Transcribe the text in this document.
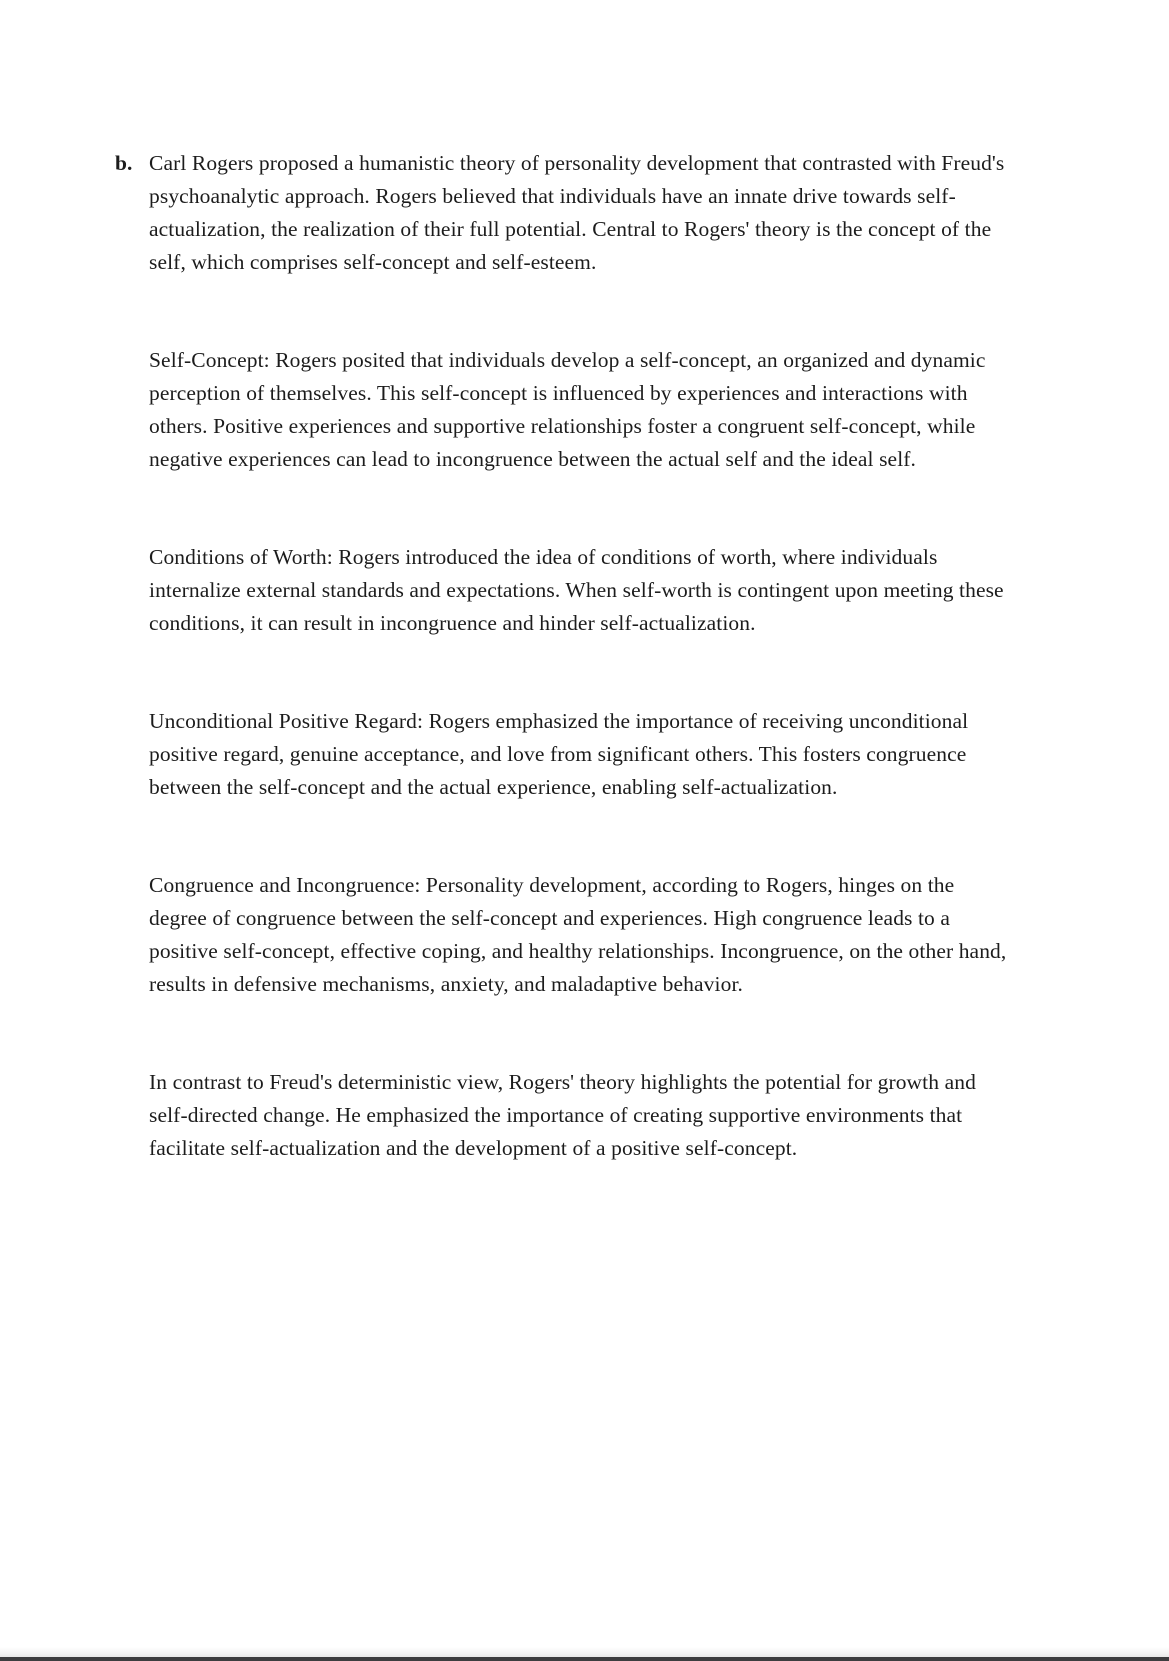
b. Carl Rogers proposed a humanistic theory of personality development that contrasted with Freud's psychoanalytic approach. Rogers believed that individuals have an innate drive towards self-actualization, the realization of their full potential. Central to Rogers' theory is the concept of the self, which comprises self-concept and self-esteem.

Self-Concept: Rogers posited that individuals develop a self-concept, an organized and dynamic perception of themselves. This self-concept is influenced by experiences and interactions with others. Positive experiences and supportive relationships foster a congruent self-concept, while negative experiences can lead to incongruence between the actual self and the ideal self.

Conditions of Worth: Rogers introduced the idea of conditions of worth, where individuals internalize external standards and expectations. When self-worth is contingent upon meeting these conditions, it can result in incongruence and hinder self-actualization.

Unconditional Positive Regard: Rogers emphasized the importance of receiving unconditional positive regard, genuine acceptance, and love from significant others. This fosters congruence between the self-concept and the actual experience, enabling self-actualization.

Congruence and Incongruence: Personality development, according to Rogers, hinges on the degree of congruence between the self-concept and experiences. High congruence leads to a positive self-concept, effective coping, and healthy relationships. Incongruence, on the other hand, results in defensive mechanisms, anxiety, and maladaptive behavior.

In contrast to Freud's deterministic view, Rogers' theory highlights the potential for growth and self-directed change. He emphasized the importance of creating supportive environments that facilitate self-actualization and the development of a positive self-concept.
